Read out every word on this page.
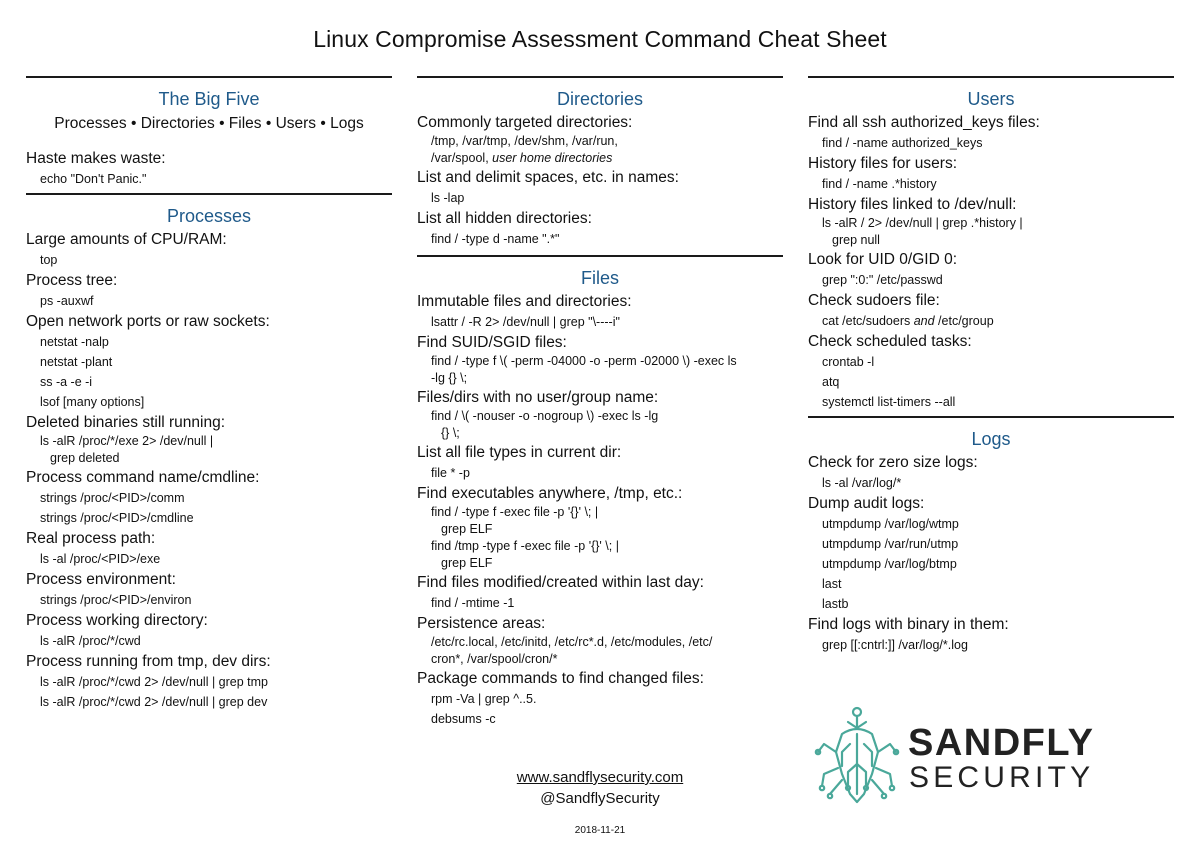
Linux Compromise Assessment Command Cheat Sheet
The Big Five
Processes • Directories • Files • Users • Logs
Haste makes waste:
echo "Don't Panic."
Processes
Large amounts of CPU/RAM:
top
Process tree:
ps -auxwf
Open network ports or raw sockets:
netstat -nalp
netstat -plant
ss -a -e -i
lsof [many options]
Deleted binaries still running:
ls -alR /proc/*/exe 2> /dev/null |
grep deleted
Process command name/cmdline:
strings /proc/<PID>/comm
strings /proc/<PID>/cmdline
Real process path:
ls -al /proc/<PID>/exe
Process environment:
strings /proc/<PID>/environ
Process working directory:
ls -alR /proc/*/cwd
Process running from tmp, dev dirs:
ls -alR /proc/*/cwd 2> /dev/null | grep tmp
ls -alR /proc/*/cwd 2> /dev/null | grep dev
Directories
Commonly targeted directories:
/tmp, /var/tmp, /dev/shm, /var/run,
/var/spool, user home directories
List and delimit spaces, etc. in names:
ls -lap
List all hidden directories:
find / -type d -name ".*"
Files
Immutable files and directories:
lsattr / -R 2> /dev/null | grep "\----i"
Find SUID/SGID files:
find / -type f \( -perm -04000 -o -perm -02000 \) -exec ls
-lg {} \;
Files/dirs with no user/group name:
find / \( -nouser -o -nogroup \) -exec ls -lg
{} \;
List all file types in current dir:
file * -p
Find executables anywhere, /tmp, etc.:
find / -type f -exec file -p '{}' \; |
grep ELF
find /tmp -type f -exec file -p '{}' \; |
grep ELF
Find files modified/created within last day:
find / -mtime -1
Persistence areas:
/etc/rc.local, /etc/initd, /etc/rc*.d, /etc/modules, /etc/
cron*, /var/spool/cron/*
Package commands to find changed files:
rpm -Va | grep ^..5.
debsums -c
www.sandflysecurity.com
@SandflySecurity
2018-11-21
Users
Find all ssh authorized_keys files:
find / -name authorized_keys
History files for users:
find / -name .*history
History files linked to /dev/null:
ls -alR / 2> /dev/null | grep .*history |
grep null
Look for UID 0/GID 0:
grep ":0:" /etc/passwd
Check sudoers file:
cat /etc/sudoers and /etc/group
Check scheduled tasks:
crontab -l
atq
systemctl list-timers --all
Logs
Check for zero size logs:
ls -al /var/log/*
Dump audit logs:
utmpdump /var/log/wtmp
utmpdump /var/run/utmp
utmpdump /var/log/btmp
last
lastb
Find logs with binary in them:
grep [[:cntrl:]] /var/log/*.log
SANDFLY
SECURITY
